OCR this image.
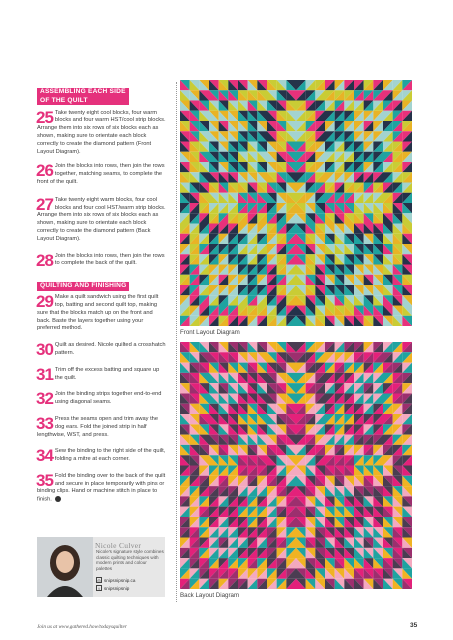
ASSEMBLING EACH SIDE
OF THE QUILT
25 Take twenty eight cool blocks, four warm blocks and four warm HST/cool strip blocks. Arrange them into six rows of six blocks each as shown, making sure to orientate each block correctly to create the diamond pattern (Front Layout Diagram).
26 Join the blocks into rows, then join the rows together, matching seams, to complete the front of the quilt.
27 Take twenty eight warm blocks, four cool blocks and four cool HST/warm strip blocks. Arrange them into six rows of six blocks each as shown, making sure to orientate each block correctly to create the diamond pattern (Back Layout Diagram).
28 Join the blocks into rows, then join the rows to complete the back of the quilt.
QUILTING AND FINISHING
29 Make a quilt sandwich using the first quilt top, batting and second quilt top, making sure that the blocks match up on the front and back. Baste the layers together using your preferred method.
30 Quilt as desired. Nicole quilted a crosshatch pattern.
31 Trim off the excess batting and square up the quilt.
32 Join the binding strips together end-to-end using diagonal seams.
33 Press the seams open and trim away the dog ears. Fold the joined strip in half lengthwise, WST, and press.
34 Sew the binding to the right side of the quilt, folding a mitre at each corner.
35 Fold the binding over to the back of the quilt and secure in place temporarily with pins or binding clips. Hand or machine stitch in place to finish.
Nicole Culver
Nicole's signature style combines classic quilting techniques with modern prints and colour palettes
◎ snipsnipsnip.ca
t snipsnipsnip
Front Layout Diagram
Back Layout Diagram
Join us at www.gathered.how/todaysquilter	35
